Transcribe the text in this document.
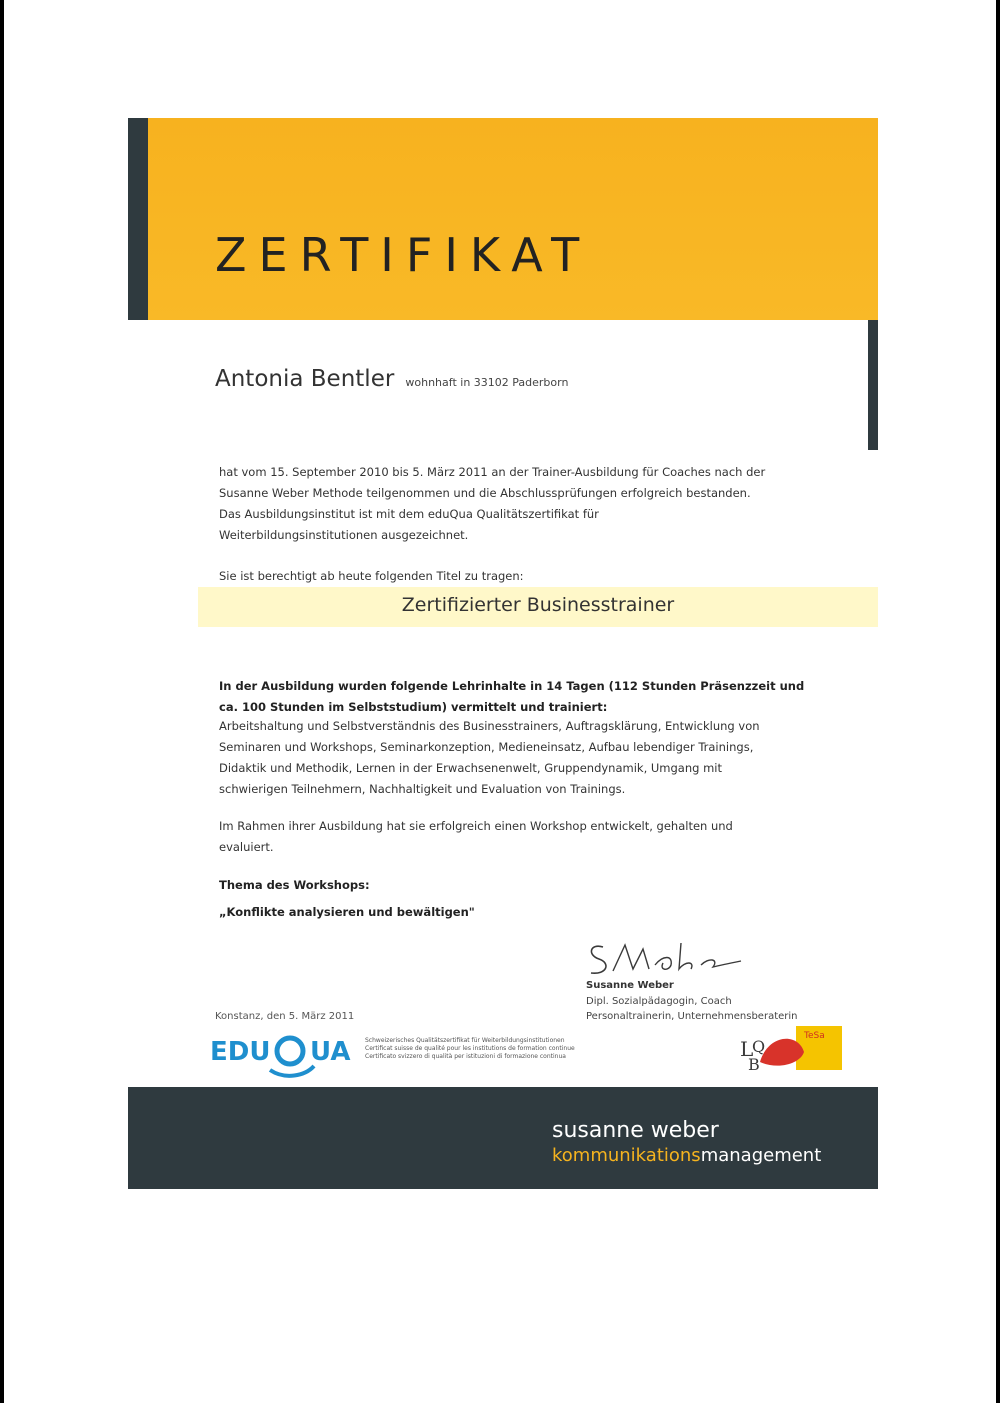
ZERTIFIKAT
Antonia Bentler wohnhaft in 33102 Paderborn
hat vom 15. September 2010 bis 5. März 2011 an der Trainer-Ausbildung für Coaches nach der
Susanne Weber Methode teilgenommen und die Abschlussprüfungen erfolgreich bestanden.
Das Ausbildungsinstitut ist mit dem eduQua Qualitätszertifikat für
Weiterbildungsinstitutionen ausgezeichnet.
Sie ist berechtigt ab heute folgenden Titel zu tragen:
Zertifizierter Businesstrainer
In der Ausbildung wurden folgende Lehrinhalte in 14 Tagen (112 Stunden Präsenzzeit und
ca. 100 Stunden im Selbststudium) vermittelt und trainiert:
Arbeitshaltung und Selbstverständnis des Businesstrainers, Auftragsklärung, Entwicklung von
Seminaren und Workshops, Seminarkonzeption, Medieneinsatz, Aufbau lebendiger Trainings,
Didaktik und Methodik, Lernen in der Erwachsenenwelt, Gruppendynamik, Umgang mit
schwierigen Teilnehmern, Nachhaltigkeit und Evaluation von Trainings.
Im Rahmen ihrer Ausbildung hat sie erfolgreich einen Workshop entwickelt, gehalten und
evaluiert.
Thema des Workshops:
„Konflikte analysieren und bewältigen"
Susanne Weber
Dipl. Sozialpädagogin, Coach
Personaltrainerin, Unternehmensberaterin
Konstanz, den 5. März 2011
EDU UA Schweizerisches Qualitätszertifikat für Weiterbildungsinstitutionen
Certificat suisse de qualité pour les institutions de formation continue
Certificato svizzero di qualità per istituzioni di formazione continua
TeSa
L
Q
B
susanne weber
kommunikationsmanagement
